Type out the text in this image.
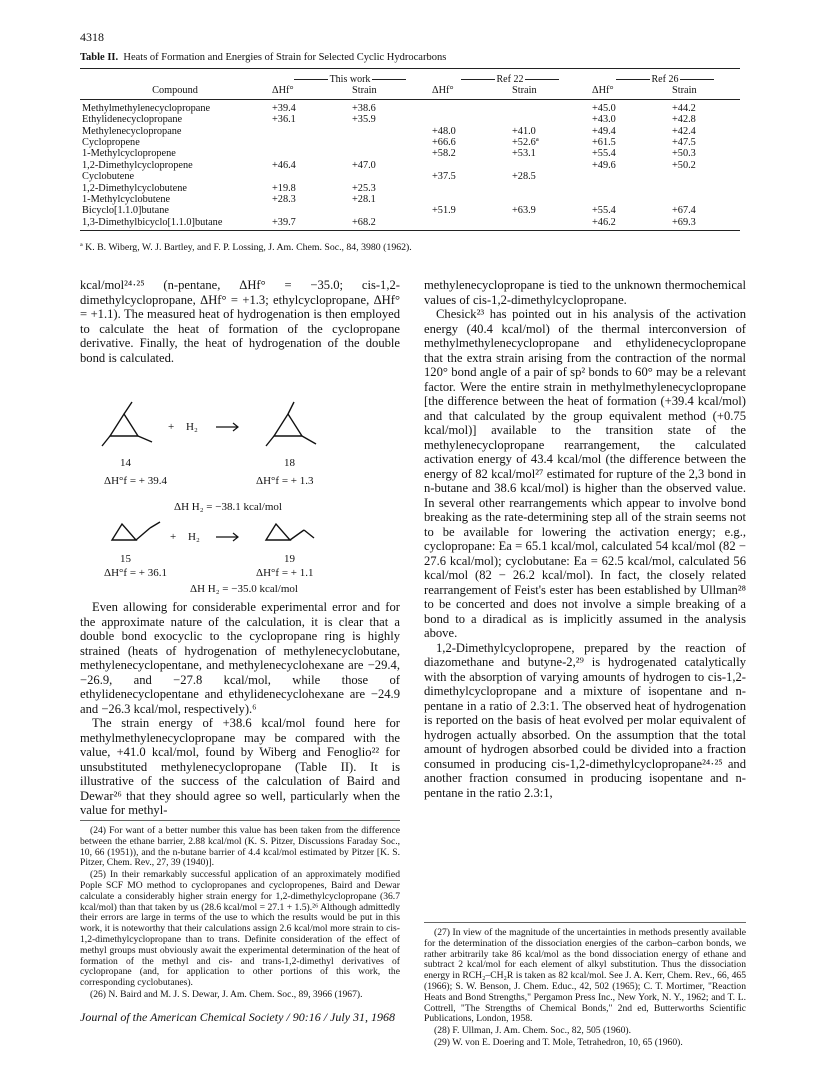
4318
Table II. Heats of Formation and Energies of Strain for Selected Cyclic Hydrocarbons
	This work		Ref 22		Ref 26	
Compound	ΔHf°	Strain	ΔHf°	Strain	ΔHf°	Strain
Methylmethylenecyclopropane	+39.4	+38.6			+45.0	+44.2
Ethylidenecyclopropane	+36.1	+35.9			+43.0	+42.8
Methylenecyclopropane			+48.0	+41.0	+49.4	+42.4
Cyclopropene			+66.6	+52.6ª	+61.5	+47.5
1-Methylcyclopropene			+58.2	+53.1	+55.4	+50.3
1,2-Dimethylcyclopropene	+46.4	+47.0			+49.6	+50.2
Cyclobutene			+37.5	+28.5		
1,2-Dimethylcyclobutene	+19.8	+25.3				
1-Methylcyclobutene	+28.3	+28.1				
Bicyclo[1.1.0]butane			+51.9	+63.9	+55.4	+67.4
1,3-Dimethylbicyclo[1.1.0]butane	+39.7	+68.2			+46.2	+69.3
ª K. B. Wiberg, W. J. Bartley, and F. P. Lossing, J. Am. Chem. Soc., 84, 3980 (1962).

kcal/mol²⁴·²⁵ (n-pentane, ΔHf° = −35.0; cis-1,2-dimethylcyclopropane, ΔHf° = +1.3; ethylcyclopropane, ΔHf° = +1.1). The measured heat of hydrogenation is then employed to calculate the heat of formation of the cyclopropane derivative. Finally, the heat of hydrogenation of the double bond is calculated.

+ H₂
14	18
ΔH°f = + 39.4	ΔH°f = + 1.3
ΔH H₂ = −38.1 kcal/mol
+ H₂
15	19
ΔH°f = + 36.1	ΔH°f = + 1.1
ΔH H₂ = −35.0 kcal/mol

Even allowing for considerable experimental error and for the approximate nature of the calculation, it is clear that a double bond exocyclic to the cyclopropane ring is highly strained (heats of hydrogenation of methylenecyclobutane, methylenecyclopentane, and methylenecyclohexane are −29.4, −26.9, and −27.8 kcal/mol, while those of ethylidenecyclopentane and ethylidenecyclohexane are −24.9 and −26.3 kcal/mol, respectively).⁶

The strain energy of +38.6 kcal/mol found here for methylmethylenecyclopropane may be compared with the value, +41.0 kcal/mol, found by Wiberg and Fenoglio²² for unsubstituted methylenecyclopropane (Table II). It is illustrative of the success of the calculation of Baird and Dewar²⁶ that they should agree so well, particularly when the value for methyl-

methylenecyclopropane is tied to the unknown thermochemical values of cis-1,2-dimethylcyclopropane.

Chesick²³ has pointed out in his analysis of the activation energy (40.4 kcal/mol) of the thermal interconversion of methylmethylenecyclopropane and ethylidenecyclopropane that the extra strain arising from the contraction of the normal 120° bond angle of a pair of sp² bonds to 60° may be a relevant factor. Were the entire strain in methylmethylenecyclopropane [the difference between the heat of formation (+39.4 kcal/mol) and that calculated by the group equivalent method (+0.75 kcal/mol)] available to the transition state of the methylenecyclopropane rearrangement, the calculated activation energy of 43.4 kcal/mol (the difference between the energy of 82 kcal/mol²⁷ estimated for rupture of the 2,3 bond in n-butane and 38.6 kcal/mol) is higher than the observed value. In several other rearrangements which appear to involve bond breaking as the rate-determining step all of the strain seems not to be available for lowering the activation energy; e.g., cyclopropane: Ea = 65.1 kcal/mol, calculated 54 kcal/mol (82 − 27.6 kcal/mol); cyclobutane: Ea = 62.5 kcal/mol, calculated 56 kcal/mol (82 − 26.2 kcal/mol). In fact, the closely related rearrangement of Feist's ester has been established by Ullman²⁸ to be concerted and does not involve a simple breaking of a bond to a diradical as is implicitly assumed in the analysis above.

1,2-Dimethylcyclopropene, prepared by the reaction of diazomethane and butyne-2,²⁹ is hydrogenated catalytically with the absorption of varying amounts of hydrogen to cis-1,2-dimethylcyclopropane and a mixture of isopentane and n-pentane in a ratio of 2.3:1. The observed heat of hydrogenation is reported on the basis of heat evolved per molar equivalent of hydrogen actually absorbed. On the assumption that the total amount of hydrogen absorbed could be divided into a fraction consumed in producing cis-1,2-dimethylcyclopropane²⁴·²⁵ and another fraction consumed in producing isopentane and n-pentane in the ratio 2.3:1,

(24) For want of a better number this value has been taken from the difference between the ethane barrier, 2.88 kcal/mol (K. S. Pitzer, Discussions Faraday Soc., 10, 66 (1951)), and the n-butane barrier of 4.4 kcal/mol estimated by Pitzer [K. S. Pitzer, Chem. Rev., 27, 39 (1940)].

(25) In their remarkably successful application of an approximately modified Pople SCF MO method to cyclopropanes and cyclopropenes, Baird and Dewar calculate a considerably higher strain energy for 1,2-dimethylcyclopropane (36.7 kcal/mol) than that taken by us (28.6 kcal/mol = 27.1 + 1.5).²⁶ Although admittedly their errors are large in terms of the use to which the results would be put in this work, it is noteworthy that their calculations assign 2.6 kcal/mol more strain to cis-1,2-dimethylcyclopropane than to trans. Definite consideration of the effect of methyl groups must obviously await the experimental determination of the heat of formation of the methyl and cis- and trans-1,2-dimethyl derivatives of cyclopropane (and, for application to other portions of this work, the corresponding cyclobutanes).

(26) N. Baird and M. J. S. Dewar, J. Am. Chem. Soc., 89, 3966 (1967).

(27) In view of the magnitude of the uncertainties in methods presently available for the determination of the dissociation energies of the carbon–carbon bonds, we rather arbitrarily take 86 kcal/mol as the bond dissociation energy of ethane and subtract 2 kcal/mol for each element of alkyl substitution. Thus the dissociation energy in RCH₂–CH₂R is taken as 82 kcal/mol. See J. A. Kerr, Chem. Rev., 66, 465 (1966); S. W. Benson, J. Chem. Educ., 42, 502 (1965); C. T. Mortimer, "Reaction Heats and Bond Strengths," Pergamon Press Inc., New York, N. Y., 1962; and T. L. Cottrell, "The Strengths of Chemical Bonds," 2nd ed, Butterworths Scientific Publications, London, 1958.

(28) F. Ullman, J. Am. Chem. Soc., 82, 505 (1960).

(29) W. von E. Doering and T. Mole, Tetrahedron, 10, 65 (1960).

Journal of the American Chemical Society / 90:16 / July 31, 1968
